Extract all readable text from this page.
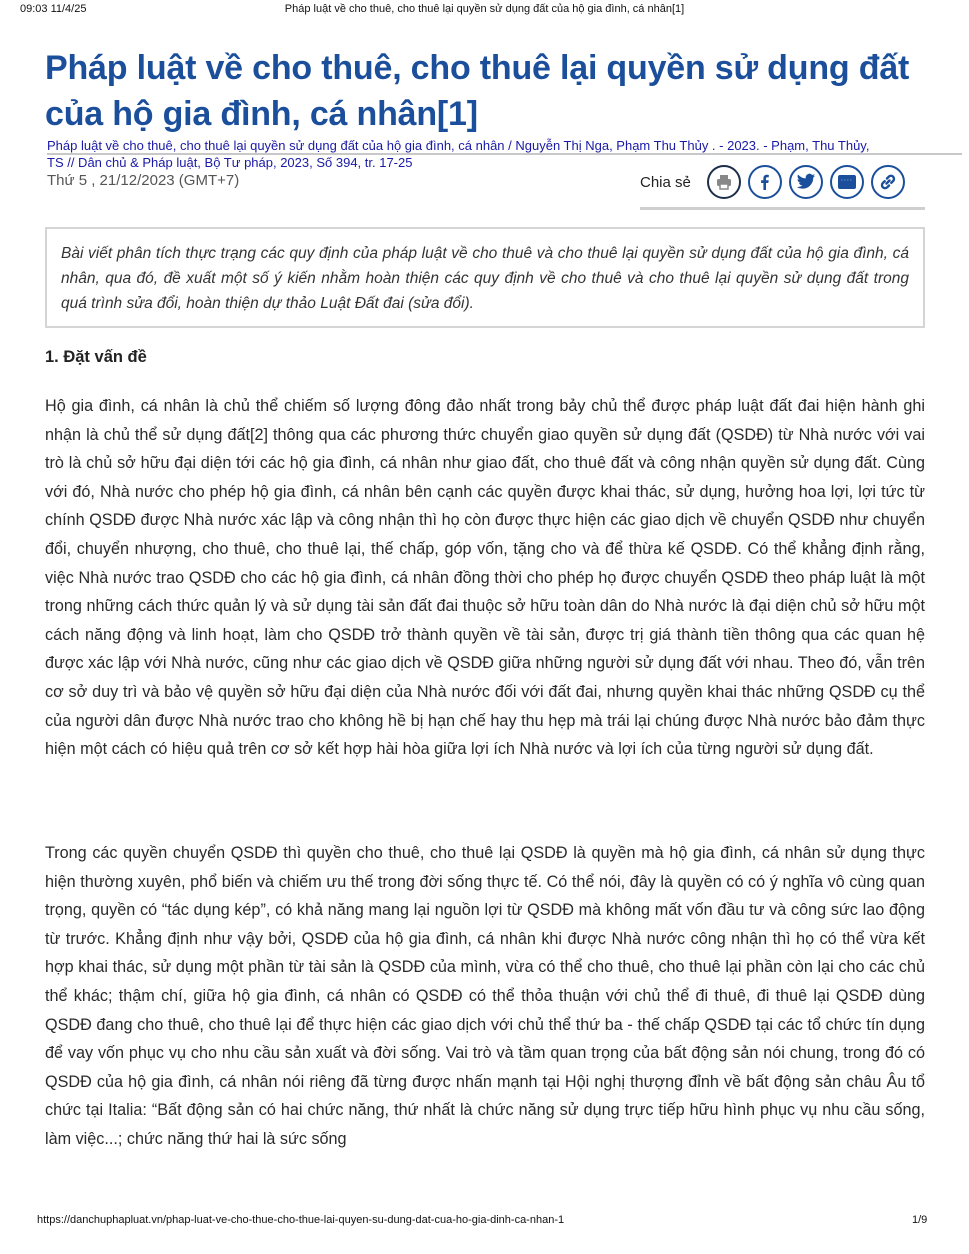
09:03 11/4/25	Pháp luật về cho thuê, cho thuê lại quyền sử dụng đất của hộ gia đình, cá nhân[1]
Pháp luật về cho thuê, cho thuê lại quyền sử dụng đất của hộ gia đình, cá nhân[1]
Pháp luật về cho thuê, cho thuê lại quyền sử dụng đất của hộ gia đình, cá nhân / Nguyễn Thị Nga, Phạm Thu Thủy . - 2023. - Phạm, Thu Thủy,
TS // Dân chủ & Pháp luật, Bộ Tư pháp, 2023, Số 394, tr. 17-25
Thứ 5 , 21/12/2023 (GMT+7)	Chia sẻ
Bài viết phân tích thực trạng các quy định của pháp luật về cho thuê và cho thuê lại quyền sử dụng đất của hộ gia đình, cá nhân, qua đó, đề xuất một số ý kiến nhằm hoàn thiện các quy định về cho thuê và cho thuê lại quyền sử dụng đất trong quá trình sửa đổi, hoàn thiện dự thảo Luật Đất đai (sửa đổi).
1. Đặt vấn đề

Hộ gia đình, cá nhân là chủ thể chiếm số lượng đông đảo nhất trong bảy chủ thể được pháp luật đất đai hiện hành ghi nhận là chủ thể sử dụng đất[2] thông qua các phương thức chuyển giao quyền sử dụng đất (QSDĐ) từ Nhà nước với vai trò là chủ sở hữu đại diện tới các hộ gia đình, cá nhân như giao đất, cho thuê đất và công nhận quyền sử dụng đất. Cùng với đó, Nhà nước cho phép hộ gia đình, cá nhân bên cạnh các quyền được khai thác, sử dụng, hưởng hoa lợi, lợi tức từ chính QSDĐ được Nhà nước xác lập và công nhận thì họ còn được thực hiện các giao dịch về chuyển QSDĐ như chuyển đổi, chuyển nhượng, cho thuê, cho thuê lại, thế chấp, góp vốn, tặng cho và để thừa kế QSDĐ. Có thể khẳng định rằng, việc Nhà nước trao QSDĐ cho các hộ gia đình, cá nhân đồng thời cho phép họ được chuyển QSDĐ theo pháp luật là một trong những cách thức quản lý và sử dụng tài sản đất đai thuộc sở hữu toàn dân do Nhà nước là đại diện chủ sở hữu một cách năng động và linh hoạt, làm cho QSDĐ trở thành quyền về tài sản, được trị giá thành tiền thông qua các quan hệ được xác lập với Nhà nước, cũng như các giao dịch về QSDĐ giữa những người sử dụng đất với nhau. Theo đó, vẫn trên cơ sở duy trì và bảo vệ quyền sở hữu đại diện của Nhà nước đối với đất đai, nhưng quyền khai thác những QSDĐ cụ thể của người dân được Nhà nước trao cho không hề bị hạn chế hay thu hẹp mà trái lại chúng được Nhà nước bảo đảm thực hiện một cách có hiệu quả trên cơ sở kết hợp hài hòa giữa lợi ích Nhà nước và lợi ích của từng người sử dụng đất.

Trong các quyền chuyển QSDĐ thì quyền cho thuê, cho thuê lại QSDĐ là quyền mà hộ gia đình, cá nhân sử dụng thực hiện thường xuyên, phổ biến và chiếm ưu thế trong đời sống thực tế. Có thể nói, đây là quyền có có ý nghĩa vô cùng quan trọng, quyền có “tác dụng kép”, có khả năng mang lại nguồn lợi từ QSDĐ mà không mất vốn đầu tư và công sức lao động từ trước. Khẳng định như vậy bởi, QSDĐ của hộ gia đình, cá nhân khi được Nhà nước công nhận thì họ có thể vừa kết hợp khai thác, sử dụng một phần từ tài sản là QSDĐ của mình, vừa có thể cho thuê, cho thuê lại phần còn lại cho các chủ thể khác; thậm chí, giữa hộ gia đình, cá nhân có QSDĐ có thể thỏa thuận với chủ thể đi thuê, đi thuê lại QSDĐ dùng QSDĐ đang cho thuê, cho thuê lại để thực hiện các giao dịch với chủ thể thứ ba - thế chấp QSDĐ tại các tổ chức tín dụng để vay vốn phục vụ cho nhu cầu sản xuất và đời sống. Vai trò và tầm quan trọng của bất động sản nói chung, trong đó có QSDĐ của hộ gia đình, cá nhân nói riêng đã từng được nhấn mạnh tại Hội nghị thượng đỉnh về bất động sản châu Âu tổ chức tại Italia: “Bất động sản có hai chức năng, thứ nhất là chức năng sử dụng trực tiếp hữu hình phục vụ nhu cầu sống, làm việc...; chức năng thứ hai là sức sống

https://danchuphapluat.vn/phap-luat-ve-cho-thue-cho-thue-lai-quyen-su-dung-dat-cua-ho-gia-dinh-ca-nhan-1	1/9
